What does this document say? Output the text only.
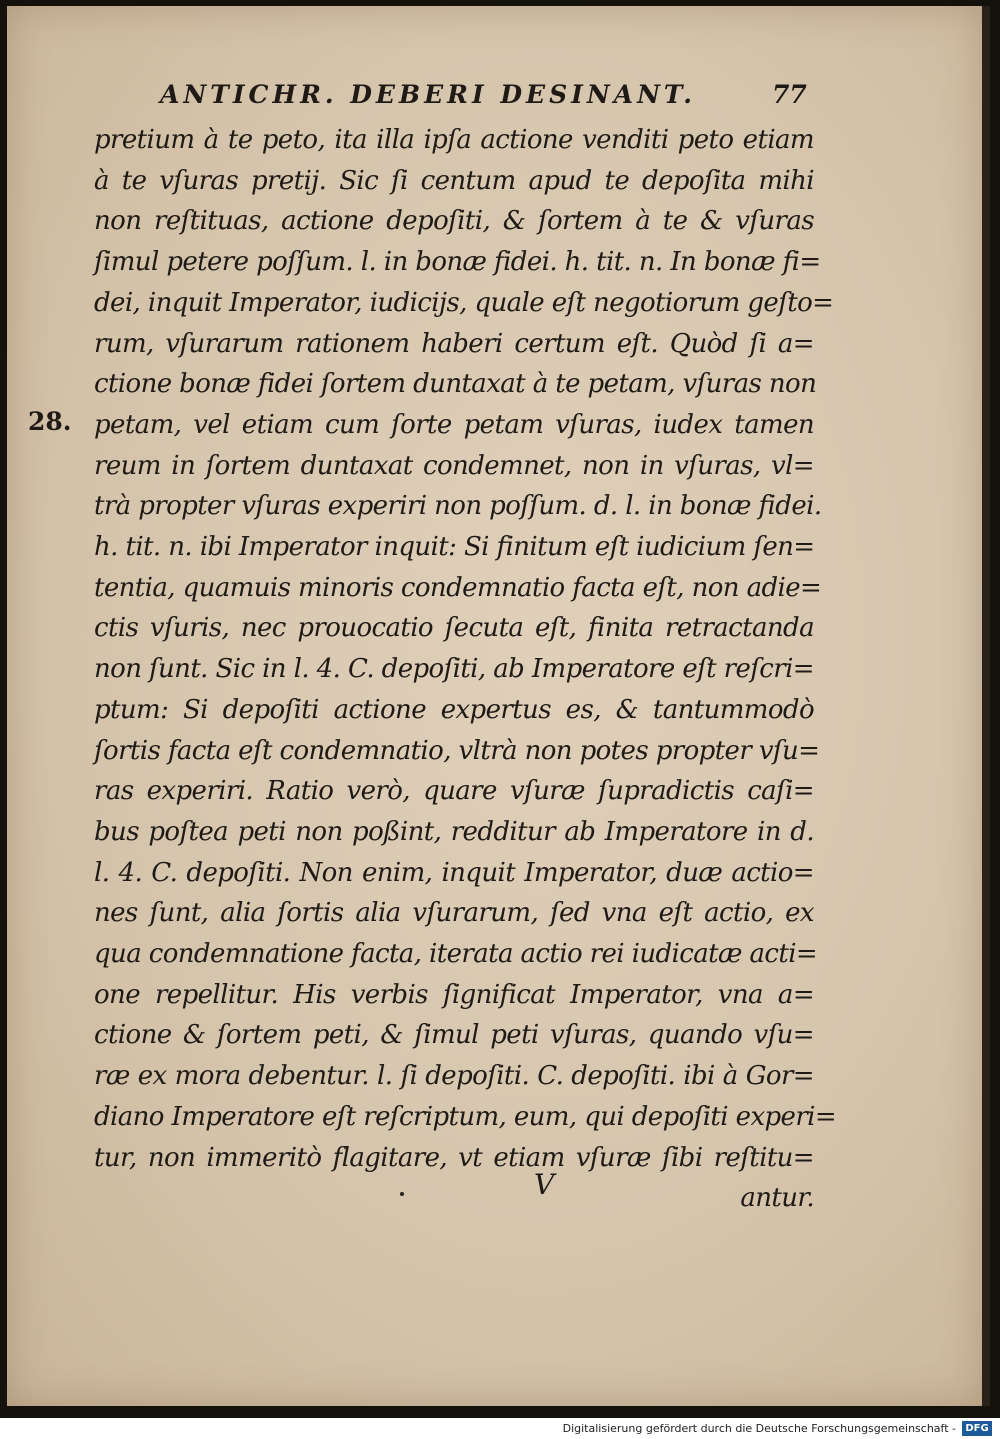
ANTICHR. DEBERI DESINANT.	77
28.
pretium à te peto, ita illa ipſa actione venditi peto etiam
à te vſuras pretij. Sic ſi centum apud te depoſita mihi
non reſtituas, actione depoſiti, & ſortem à te & vſuras
ſimul petere poſſum. l. in bonæ fidei. h. tit. n. In bonæ fi=
dei, inquit Imperator, iudicijs, quale eſt negotiorum geſto=
rum, vſurarum rationem haberi certum eſt. Quòd ſi a=
ctione bonæ fidei ſortem duntaxat à te petam, vſuras non
petam, vel etiam cum ſorte petam vſuras, iudex tamen
reum in ſortem duntaxat condemnet, non in vſuras, vl=
trà propter vſuras experiri non poſſum. d. l. in bonæ fidei.
h. tit. n. ibi Imperator inquit: Si finitum eſt iudicium ſen=
tentia, quamuis minoris condemnatio facta eſt, non adie=
ctis vſuris, nec prouocatio ſecuta eſt, finita retractanda
non ſunt. Sic in l. 4. C. depoſiti, ab Imperatore eſt reſcri=
ptum: Si depoſiti actione expertus es, & tantummodò
ſortis facta eſt condemnatio, vltrà non potes propter vſu=
ras experiri. Ratio verò, quare vſuræ ſupradictis caſi=
bus poſtea peti non poßint, redditur ab Imperatore in d.
l. 4. C. depoſiti. Non enim, inquit Imperator, duæ actio=
nes ſunt, alia ſortis alia vſurarum, ſed vna eſt actio, ex
qua condemnatione facta, iterata actio rei iudicatæ acti=
one repellitur. His verbis ſignificat Imperator, vna a=
ctione & ſortem peti, & ſimul peti vſuras, quando vſu=
ræ ex mora debentur. l. ſi depoſiti. C. depoſiti. ibi à Gor=
diano Imperatore eſt reſcriptum, eum, qui depoſiti experi=
tur, non immeritò flagitare, vt etiam vſuræ ſibi reſtitu=
antur.
V
Digitalisierung gefördert durch die Deutsche Forschungsgemeinschaft - DFG
